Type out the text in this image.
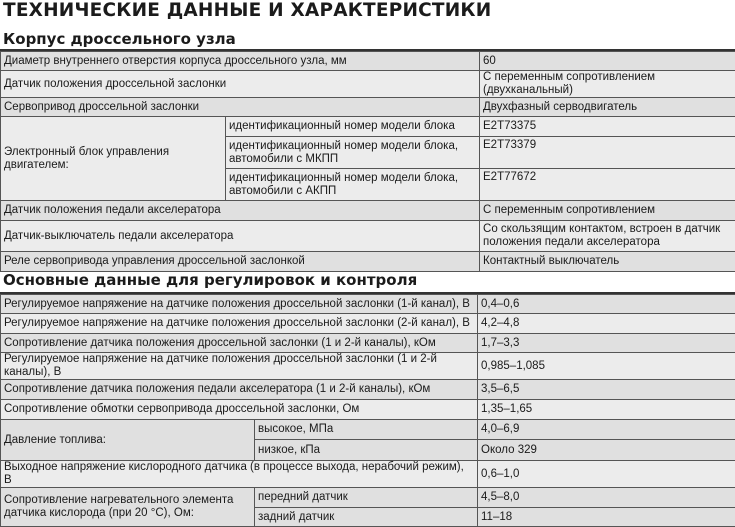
ТЕХНИЧЕСКИЕ ДАННЫЕ И ХАРАКТЕРИСТИКИ
Корпус дроссельного узла
Диаметр внутреннего отверстия корпуса дроссельного узла, мм		60
Датчик положения дроссельной заслонки		С переменным сопротивлением (двухканальный)
Сервопривод дроссельной заслонки		Двухфазный серводвигатель
Электронный блок управления двигателем:	идентификационный номер модели блока	E2T73375
	идентификационный номер модели блока, автомобили с МКПП	E2T73379
	идентификационный номер модели блока, автомобили с АКПП	E2T77672
Датчик положения педали акселератора		С переменным сопротивлением
Датчик-выключатель педали акселератора		Со скользящим контактом, встроен в датчик положения педали акселератора
Реле сервопривода управления дроссельной заслонкой		Контактный выключатель
Основные данные для регулировок и контроля
Регулируемое напряжение на датчике положения дроссельной заслонки (1-й канал), В		0,4–0,6
Регулируемое напряжение на датчике положения дроссельной заслонки (2-й канал), В		4,2–4,8
Сопротивление датчика положения дроссельной заслонки (1 и 2-й каналы), кОм		1,7–3,3
Регулируемое напряжение на датчике положения дроссельной заслонки (1 и 2-й каналы), В		0,985–1,085
Сопротивление датчика положения педали акселератора (1 и 2-й каналы), кОм		3,5–6,5
Сопротивление обмотки сервопривода дроссельной заслонки, Ом		1,35–1,65
Давление топлива:	высокое, МПа	4,0–6,9
	низкое, кПа	Около 329
Выходное напряжение кислородного датчика (в процессе выхода, нерабочий режим), В		0,6–1,0
Сопротивление нагревательного элемента датчика кислорода (при 20 °С), Ом:	передний датчик	4,5–8,0
	задний датчик	11–18
